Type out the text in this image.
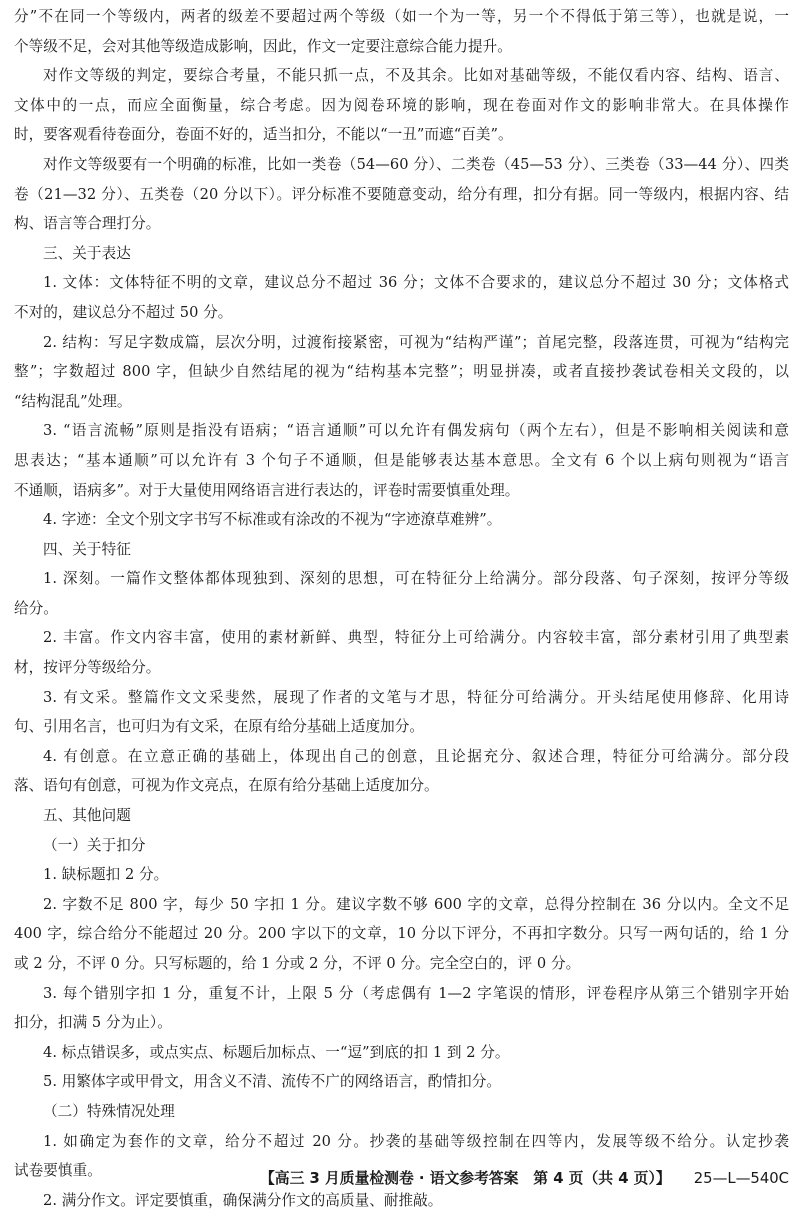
分”不在同一个等级内，两者的级差不要超过两个等级（如一个为一等，另一个不得低于第三等），也就是说，一

个等级不足，会对其他等级造成影响，因此，作文一定要注意综合能力提升。

对作文等级的判定，要综合考量，不能只抓一点，不及其余。比如对基础等级，不能仅看内容、结构、语言、

文体中的一点，而应全面衡量，综合考虑。因为阅卷环境的影响，现在卷面对作文的影响非常大。在具体操作

时，要客观看待卷面分，卷面不好的，适当扣分，不能以“一丑”而遮“百美”。

对作文等级要有一个明确的标准，比如一类卷（54—60 分）、二类卷（45—53 分）、三类卷（33—44 分）、四类

卷（21—32 分）、五类卷（20 分以下）。评分标准不要随意变动，给分有理，扣分有据。同一等级内，根据内容、结

构、语言等合理打分。

三、关于表达

1. 文体：文体特征不明的文章，建议总分不超过 36 分；文体不合要求的，建议总分不超过 30 分；文体格式

不对的，建议总分不超过 50 分。

2. 结构：写足字数成篇，层次分明，过渡衔接紧密，可视为“结构严谨”；首尾完整，段落连贯，可视为“结构完

整”；字数超过 800 字，但缺少自然结尾的视为“结构基本完整”；明显拼凑，或者直接抄袭试卷相关文段的，以

“结构混乱”处理。

3. “语言流畅”原则是指没有语病；“语言通顺”可以允许有偶发病句（两个左右），但是不影响相关阅读和意

思表达；“基本通顺”可以允许有 3 个句子不通顺，但是能够表达基本意思。全文有 6 个以上病句则视为“语言

不通顺，语病多”。对于大量使用网络语言进行表达的，评卷时需要慎重处理。

4. 字迹：全文个别文字书写不标准或有涂改的不视为“字迹潦草难辨”。

四、关于特征

1. 深刻。一篇作文整体都体现独到、深刻的思想，可在特征分上给满分。部分段落、句子深刻，按评分等级

给分。

2. 丰富。作文内容丰富，使用的素材新鲜、典型，特征分上可给满分。内容较丰富，部分素材引用了典型素

材，按评分等级给分。

3. 有文采。整篇作文文采斐然，展现了作者的文笔与才思，特征分可给满分。开头结尾使用修辞、化用诗

句、引用名言，也可归为有文采，在原有给分基础上适度加分。

4. 有创意。在立意正确的基础上，体现出自己的创意，且论据充分、叙述合理，特征分可给满分。部分段

落、语句有创意，可视为作文亮点，在原有给分基础上适度加分。

五、其他问题

（一）关于扣分

1. 缺标题扣 2 分。

2. 字数不足 800 字，每少 50 字扣 1 分。建议字数不够 600 字的文章，总得分控制在 36 分以内。全文不足

400 字，综合给分不能超过 20 分。200 字以下的文章，10 分以下评分，不再扣字数分。只写一两句话的，给 1 分

或 2 分，不评 0 分。只写标题的，给 1 分或 2 分，不评 0 分。完全空白的，评 0 分。

3. 每个错别字扣 1 分，重复不计，上限 5 分（考虑偶有 1—2 字笔误的情形，评卷程序从第三个错别字开始

扣分，扣满 5 分为止）。

4. 标点错误多，或点实点、标题后加标点、一“逗”到底的扣 1 到 2 分。

5. 用繁体字或甲骨文，用含义不清、流传不广的网络语言，酌情扣分。

（二）特殊情况处理

1. 如确定为套作的文章，给分不超过 20 分。抄袭的基础等级控制在四等内，发展等级不给分。认定抄袭

试卷要慎重。

2. 满分作文。评定要慎重，确保满分作文的高质量、耐推敲。

【高三 3 月质量检测卷 · 语文参考答案　第 4 页（共 4 页）】 25—L—540C
